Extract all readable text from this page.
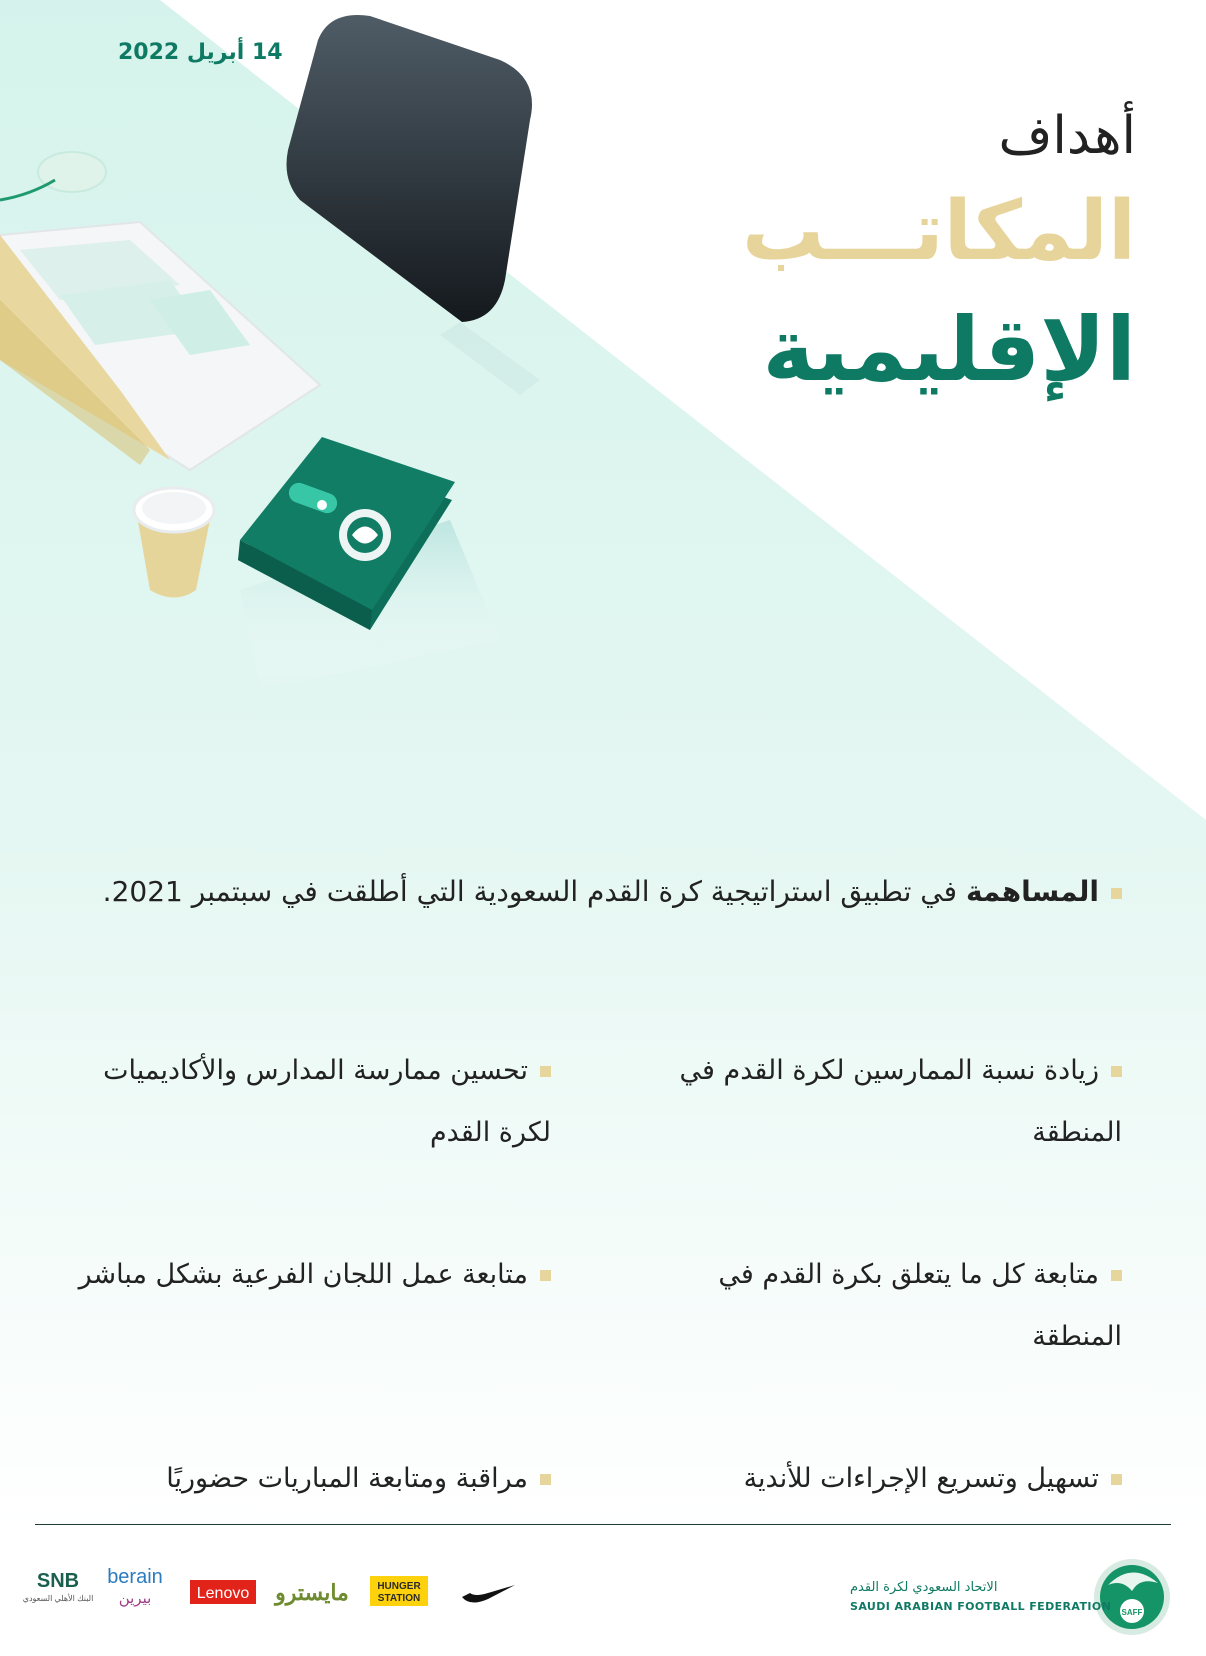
14 أبريل 2022
أهداف
المكاتـــب
الإقليمية
المساهمة في تطبيق استراتيجية كرة القدم السعودية التي أطلقت في سبتمبر 2021.
زيادة نسبة الممارسين لكرة القدم في المنطقة
تحسين ممارسة المدارس والأكاديميات لكرة القدم
متابعة كل ما يتعلق بكرة القدم في المنطقة
متابعة عمل اللجان الفرعية بشكل مباشر
تسهيل وتسريع الإجراءات للأندية
مراقبة ومتابعة المباريات حضوريًا
SNB
البنك الأهلي السعودي
berain
بيرين	Lenovo مايسترو	HUNGER
STATION
SAFF
الاتحاد السعودي لكرة القدم
SAUDI ARABIAN FOOTBALL FEDERATION
